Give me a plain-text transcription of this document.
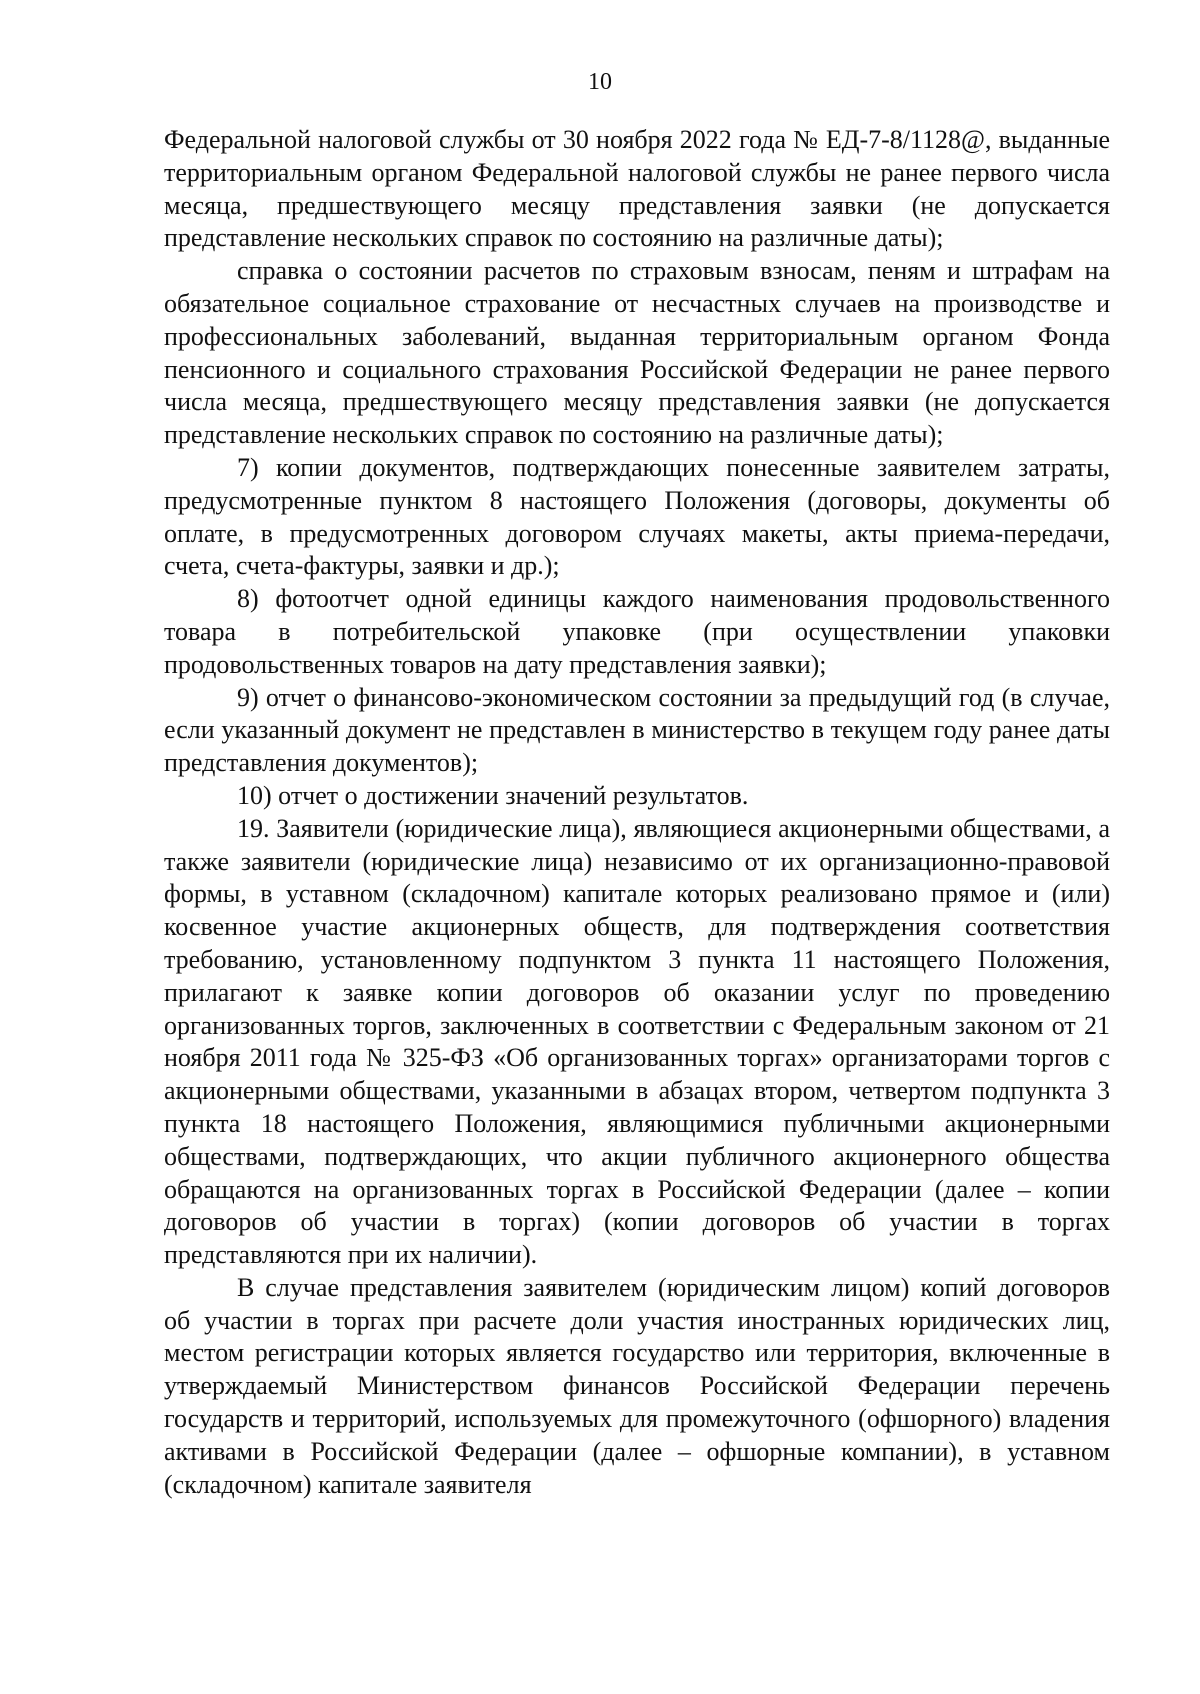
10

Федеральной налоговой службы от 30 ноября 2022 года № ЕД-7-8/1128@, выданные территориальным органом Федеральной налоговой службы не ранее первого числа месяца, предшествующего месяцу представления заявки (не допускается представление нескольких справок по состоянию на различные даты);

справка о состоянии расчетов по страховым взносам, пеням и штрафам на обязательное социальное страхование от несчастных случаев на производстве и профессиональных заболеваний, выданная территориальным органом Фонда пенсионного и социального страхования Российской Федерации не ранее первого числа месяца, предшествующего месяцу представления заявки (не допускается представление нескольких справок по состоянию на различные даты);

7) копии документов, подтверждающих понесенные заявителем затраты, предусмотренные пунктом 8 настоящего Положения (договоры, документы об оплате, в предусмотренных договором случаях макеты, акты приема-передачи, счета, счета-фактуры, заявки и др.);

8) фотоотчет одной единицы каждого наименования продовольственного товара в потребительской упаковке (при осуществлении упаковки продовольственных товаров на дату представления заявки);

9) отчет о финансово-экономическом состоянии за предыдущий год (в случае, если указанный документ не представлен в министерство в текущем году ранее даты представления документов);

10) отчет о достижении значений результатов.

19. Заявители (юридические лица), являющиеся акционерными обществами, а также заявители (юридические лица) независимо от их организационно-правовой формы, в уставном (складочном) капитале которых реализовано прямое и (или) косвенное участие акционерных обществ, для подтверждения соответствия требованию, установленному подпунктом 3 пункта 11 настоящего Положения, прилагают к заявке копии договоров об оказании услуг по проведению организованных торгов, заключенных в соответствии с Федеральным законом от 21 ноября 2011 года № 325-ФЗ «Об организованных торгах» организаторами торгов с акционерными обществами, указанными в абзацах втором, четвертом подпункта 3 пункта 18 настоящего Положения, являющимися публичными акционерными обществами, подтверждающих, что акции публичного акционерного общества обращаются на организованных торгах в Российской Федерации (далее – копии договоров об участии в торгах) (копии договоров об участии в торгах представляются при их наличии).

В случае представления заявителем (юридическим лицом) копий договоров об участии в торгах при расчете доли участия иностранных юридических лиц, местом регистрации которых является государство или территория, включенные в утверждаемый Министерством финансов Российской Федерации перечень государств и территорий, используемых для промежуточного (офшорного) владения активами в Российской Федерации (далее – офшорные компании), в уставном (складочном) капитале заявителя
